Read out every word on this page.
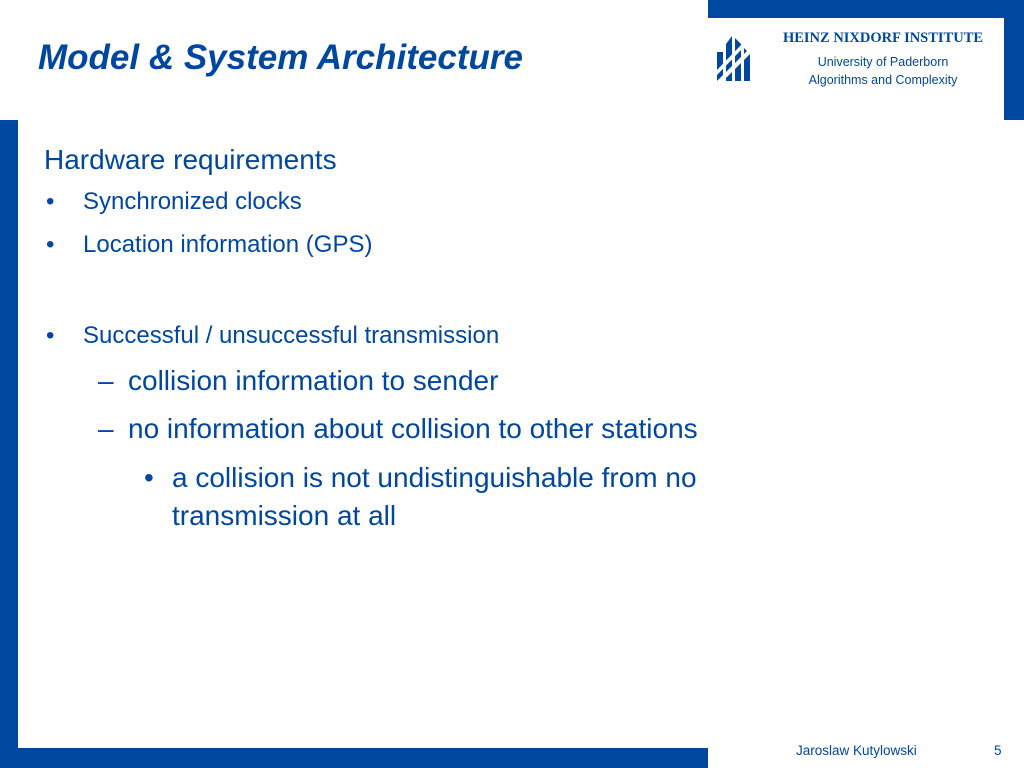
Model & System Architecture	HEINZ NIXDORF INSTITUTE
University of Paderborn
Algorithms and Complexity

Hardware requirements

• Synchronized clocks
• Location information (GPS)
• Successful / unsuccessful transmission
– collision information to sender
– no information about collision to other stations
• a collision is not undistinguishable from no transmission at all
Jaroslaw Kutylowski	5
